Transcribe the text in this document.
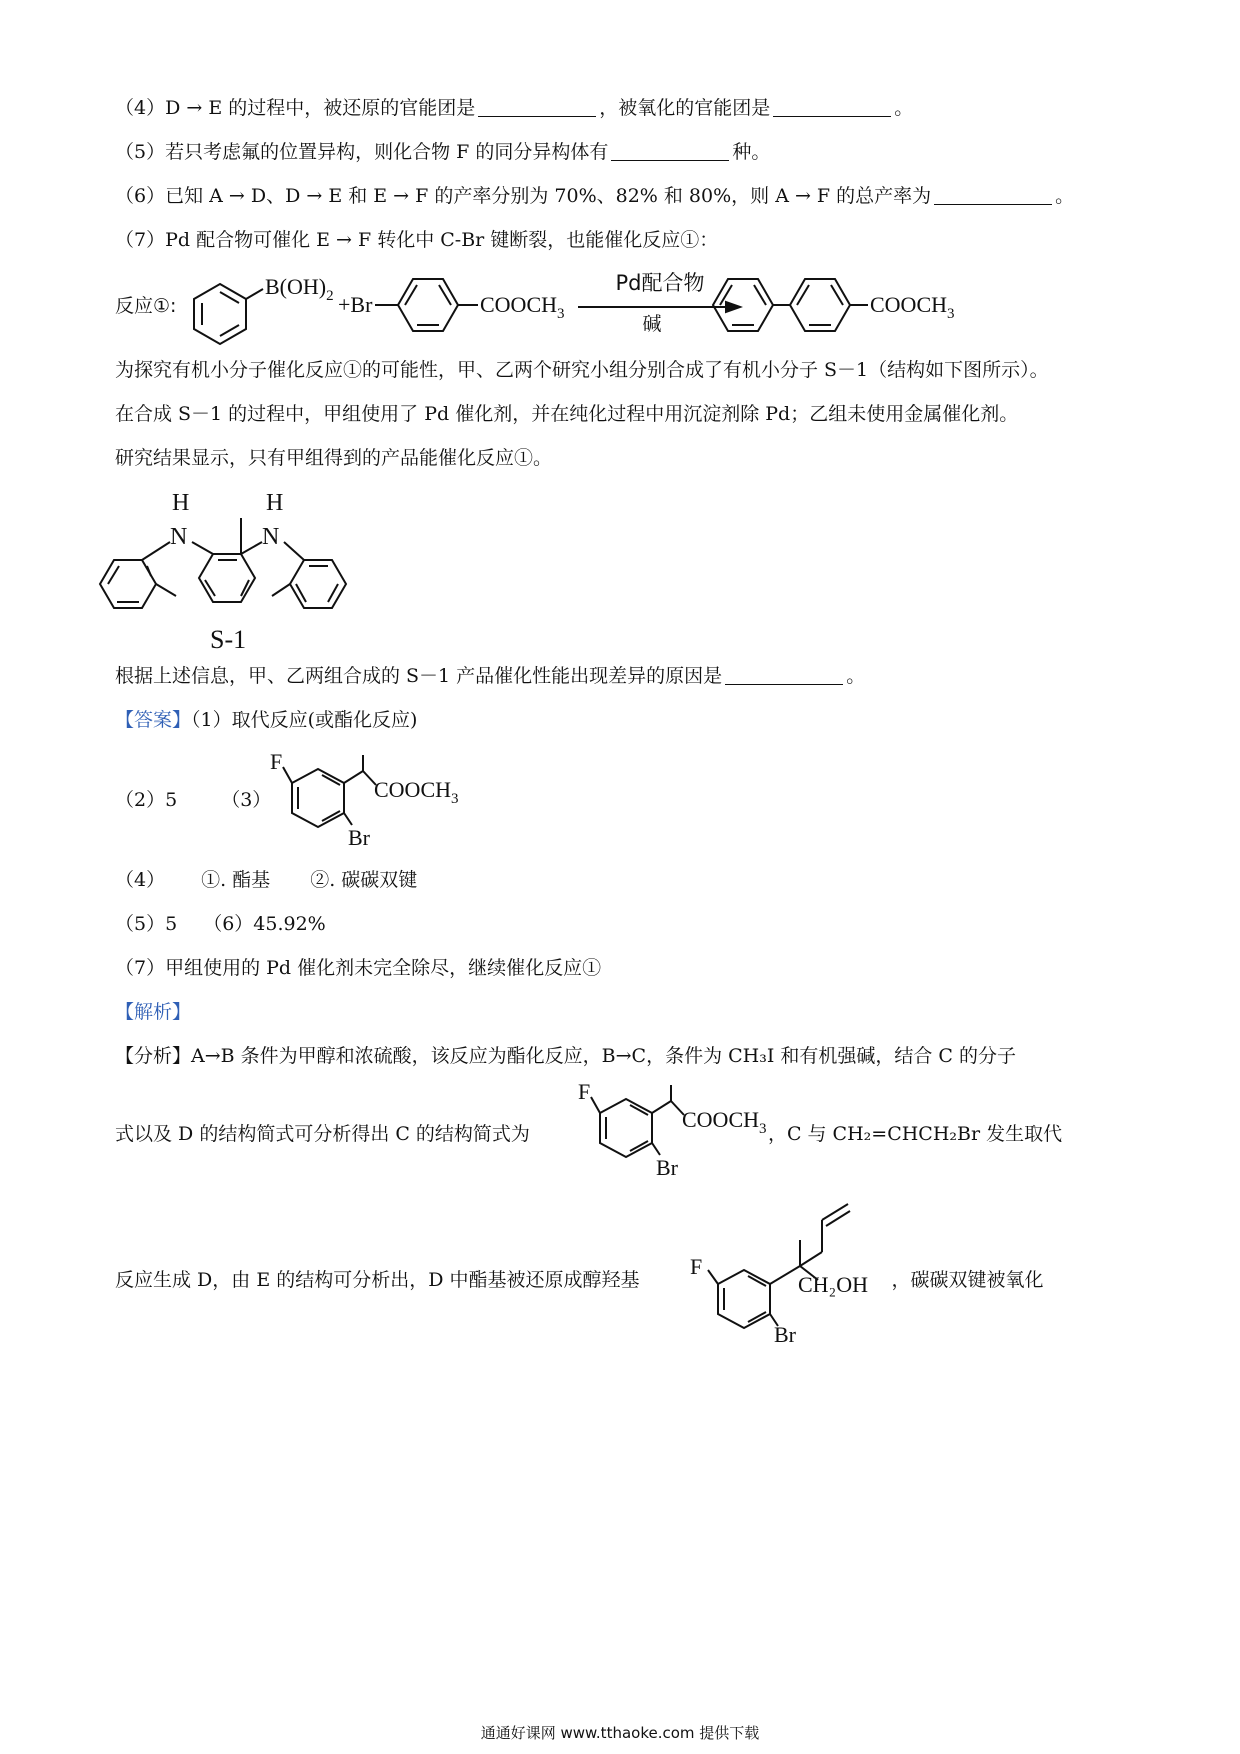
（4）D → E 的过程中，被还原的官能团是	，被氧化的官能团是	。
（5）若只考虑氟的位置异构，则化合物 F 的同分异构体有	种。
（6）已知 A → D、D → E 和 E → F 的产率分别为 70%、82% 和 80%，则 A → F 的总产率为	。
（7）Pd 配合物可催化 E → F 转化中 C-Br 键断裂，也能催化反应①：
反应①:
$B(OH)_2 +Br$	$COOCH_3$
Pd配合物
碱
$COOCH_3$
为探究有机小分子催化反应①的可能性，甲、乙两个研究小组分别合成了有机小分子 S－1（结构如下图所示）。
在合成 S－1 的过程中，甲组使用了 Pd 催化剂，并在纯化过程中用沉淀剂除 Pd；乙组未使用金属催化剂。
研究结果显示，只有甲组得到的产品能催化反应①。
H
N
H
N
S-1
根据上述信息，甲、乙两组合成的 S－1 产品催化性能出现差异的原因是	。
【答案】（1）取代反应(或酯化反应)
（2）5 （3）
F
$COOCH_3$
Br
（4） ①. 酯基 ②. 碳碳双键
（5）5 （6）45.92%
（7）甲组使用的 Pd 催化剂未完全除尽，继续催化反应①
【解析】
【分析】A→B 条件为甲醇和浓硫酸，该反应为酯化反应，B→C，条件为 CH₃I 和有机强碱，结合 C 的分子
式以及 D 的结构简式可分析得出 C 的结构简式为	，C 与 CH₂=CHCH₂Br 发生取代
F
$COOCH_3$
Br
反应生成 D，由 E 的结构可分析出，D 中酯基被还原成醇羟基	，碳碳双键被氧化
F
CH₂OH
Br
通通好课网 www.tthaoke.com 提供下载
